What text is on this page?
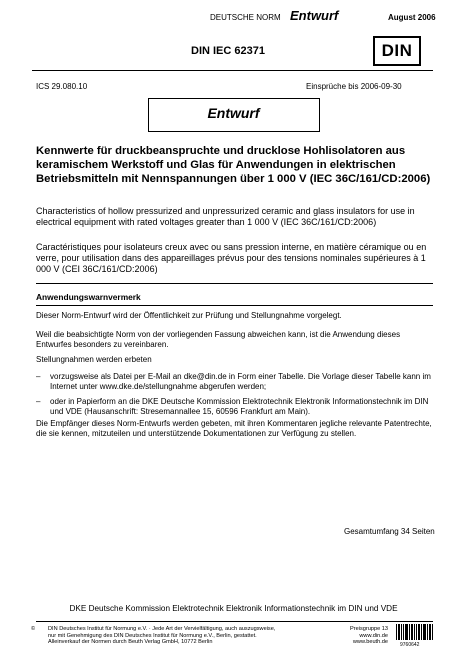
DEUTSCHE NORM Entwurf	August 2006
DIN IEC 62371	DIN
ICS 29.080.10	Einsprüche bis 2006-09-30
Entwurf
Kennwerte für druckbeanspruchte und drucklose Hohlisolatoren aus keramischem Werkstoff und Glas für Anwendungen in elektrischen Betriebsmitteln mit Nennspannungen über 1 000 V (IEC 36C/161/CD:2006)
Characteristics of hollow pressurized and unpressurized ceramic and glass insulators for use in electrical equipment with rated voltages greater than 1 000 V (IEC 36C/161/CD:2006)
Caractéristiques pour isolateurs creux avec ou sans pression interne, en matière céramique ou en verre, pour utilisation dans des appareillages prévus pour des tensions nominales supérieures à 1 000 V (CEI 36C/161/CD:2006)
Anwendungswarnvermerk
Dieser Norm-Entwurf wird der Öffentlichkeit zur Prüfung und Stellungnahme vorgelegt.
Weil die beabsichtigte Norm von der vorliegenden Fassung abweichen kann, ist die Anwendung dieses Entwurfes besonders zu vereinbaren.
Stellungnahmen werden erbeten
– vorzugsweise als Datei per E-Mail an dke@din.de in Form einer Tabelle. Die Vorlage dieser Tabelle kann im Internet unter www.dke.de/stellungnahme abgerufen werden;
– oder in Papierform an die DKE Deutsche Kommission Elektrotechnik Elektronik Informationstechnik im DIN und VDE (Hausanschrift: Stresemannallee 15, 60596 Frankfurt am Main).
Die Empfänger dieses Norm-Entwurfs werden gebeten, mit ihren Kommentaren jegliche relevante Patentrechte, die sie kennen, mitzuteilen und unterstützende Dokumentationen zur Verfügung zu stellen.
Gesamtumfang 34 Seiten
DKE Deutsche Kommission Elektrotechnik Elektronik Informationstechnik im DIN und VDE
© DIN Deutsches Institut für Normung e.V. · Jede Art der Vervielfältigung, auch auszugsweise,
nur mit Genehmigung des DIN Deutsches Institut für Normung e.V., Berlin, gestattet.
Alleinverkauf der Normen durch Beuth Verlag GmbH, 10772 Berlin
Preisgruppe 13
www.din.de
www.beuth.de 9760642
